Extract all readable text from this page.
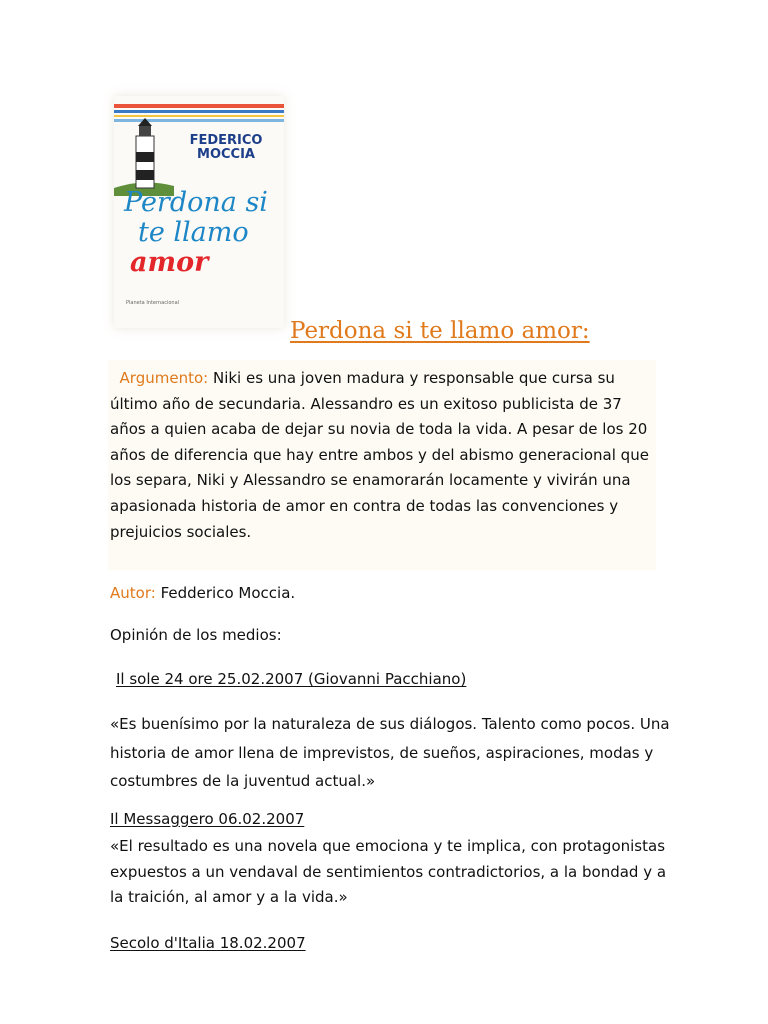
FEDERICO MOCCIA
Perdona si
te llamo
amor
Planeta Internacional
Perdona si te llamo amor:

Argumento: Niki es una joven madura y responsable que cursa su último año de secundaria. Alessandro es un exitoso publicista de 37 años a quien acaba de dejar su novia de toda la vida. A pesar de los 20 años de diferencia que hay entre ambos y del abismo generacional que los separa, Niki y Alessandro se enamorarán locamente y vivirán una apasionada historia de amor en contra de todas las convenciones y prejuicios sociales.

Autor: Fedderico Moccia.

Opinión de los medios:

Il sole 24 ore 25.02.2007 (Giovanni Pacchiano)

«Es buenísimo por la naturaleza de sus diálogos. Talento como pocos. Una historia de amor llena de imprevistos, de sueños, aspiraciones, modas y costumbres de la juventud actual.»

Il Messaggero 06.02.2007

«El resultado es una novela que emociona y te implica, con protagonistas expuestos a un vendaval de sentimientos contradictorios, a la bondad y a la traición, al amor y a la vida.»

Secolo d'Italia 18.02.2007
